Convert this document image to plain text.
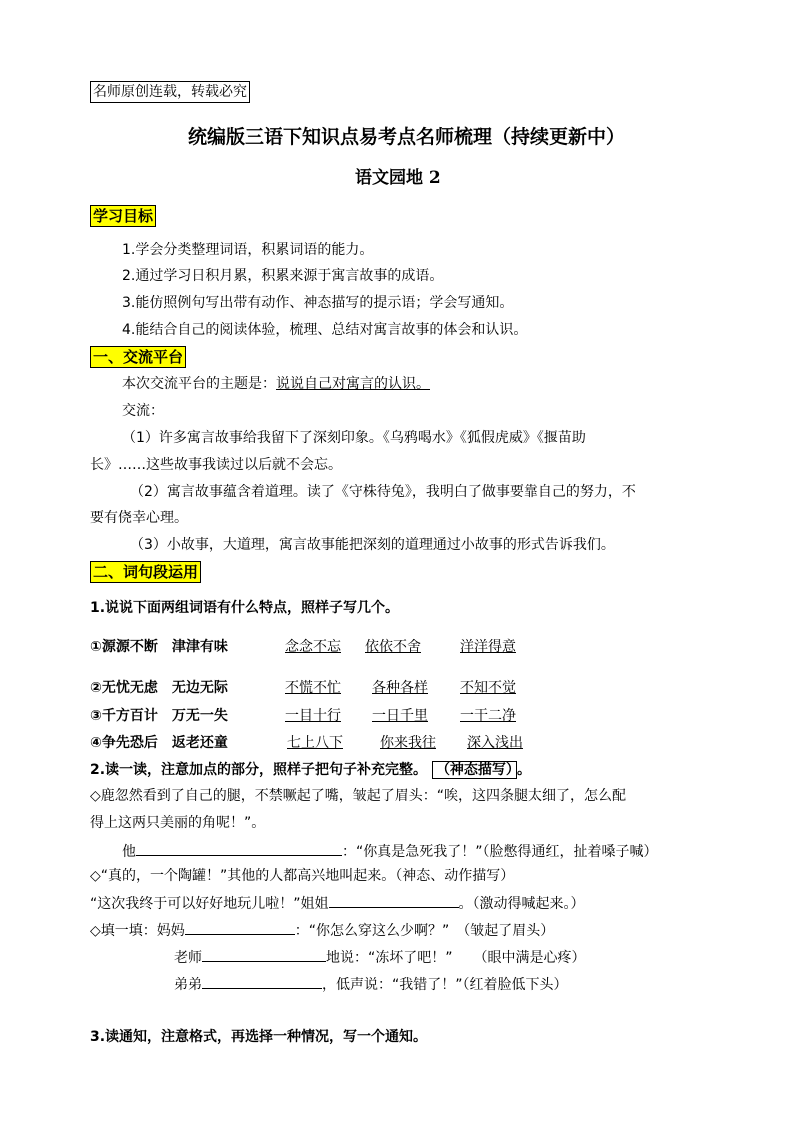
名师原创连载，转载必究
统编版三语下知识点易考点名师梳理（持续更新中）
语文园地 2
学习目标
1.学会分类整理词语，积累词语的能力。
2.通过学习日积月累，积累来源于寓言故事的成语。
3.能仿照例句写出带有动作、神态描写的提示语；学会写通知。
4.能结合自己的阅读体验，梳理、总结对寓言故事的体会和认识。
一、交流平台
本次交流平台的主题是：说说自己对寓言的认识。
交流：
（1）许多寓言故事给我留下了深刻印象。《乌鸦喝水》《狐假虎威》《揠苗助
长》……这些故事我读过以后就不会忘。
（2）寓言故事蕴含着道理。读了《守株待兔》，我明白了做事要靠自己的努力，不
要有侥幸心理。
（3）小故事，大道理，寓言故事能把深刻的道理通过小故事的形式告诉我们。
二、词句段运用
1.说说下面两组词语有什么特点，照样子写几个。
①源源不断　津津有味	念念不忘 依依不舍	洋洋得意
②无忧无虑　无边无际	不慌不忙 各种各样 不知不觉
③千方百计　万无一失	一目十行 一日千里 一干二净
④争先恐后　返老还童	七上八下	你来我往 深入浅出
2.读一读，注意加点的部分，照样子把句子补充完整。 （神态描写） 。
◇鹿忽然看到了自己的腿，不禁噘起了嘴，皱起了眉头：“唉，这四条腿太细了，怎么配
得上这两只美丽的角呢！”。
他	：“你真是急死我了！”（脸憋得通红，扯着嗓子喊）
◇“真的，一个陶罐！”其他的人都高兴地叫起来。（神态、动作描写）
“这次我终于可以好好地玩儿啦！”姐姐	。（激动得喊起来。）
◇填一填：妈妈	：“你怎么穿这么少啊？”　（皱起了眉头）
老师	地说：“冻坏了吧！”　　（眼中满是心疼）
弟弟	，低声说：“我错了！”（红着脸低下头）
3.读通知，注意格式，再选择一种情况，写一个通知。
